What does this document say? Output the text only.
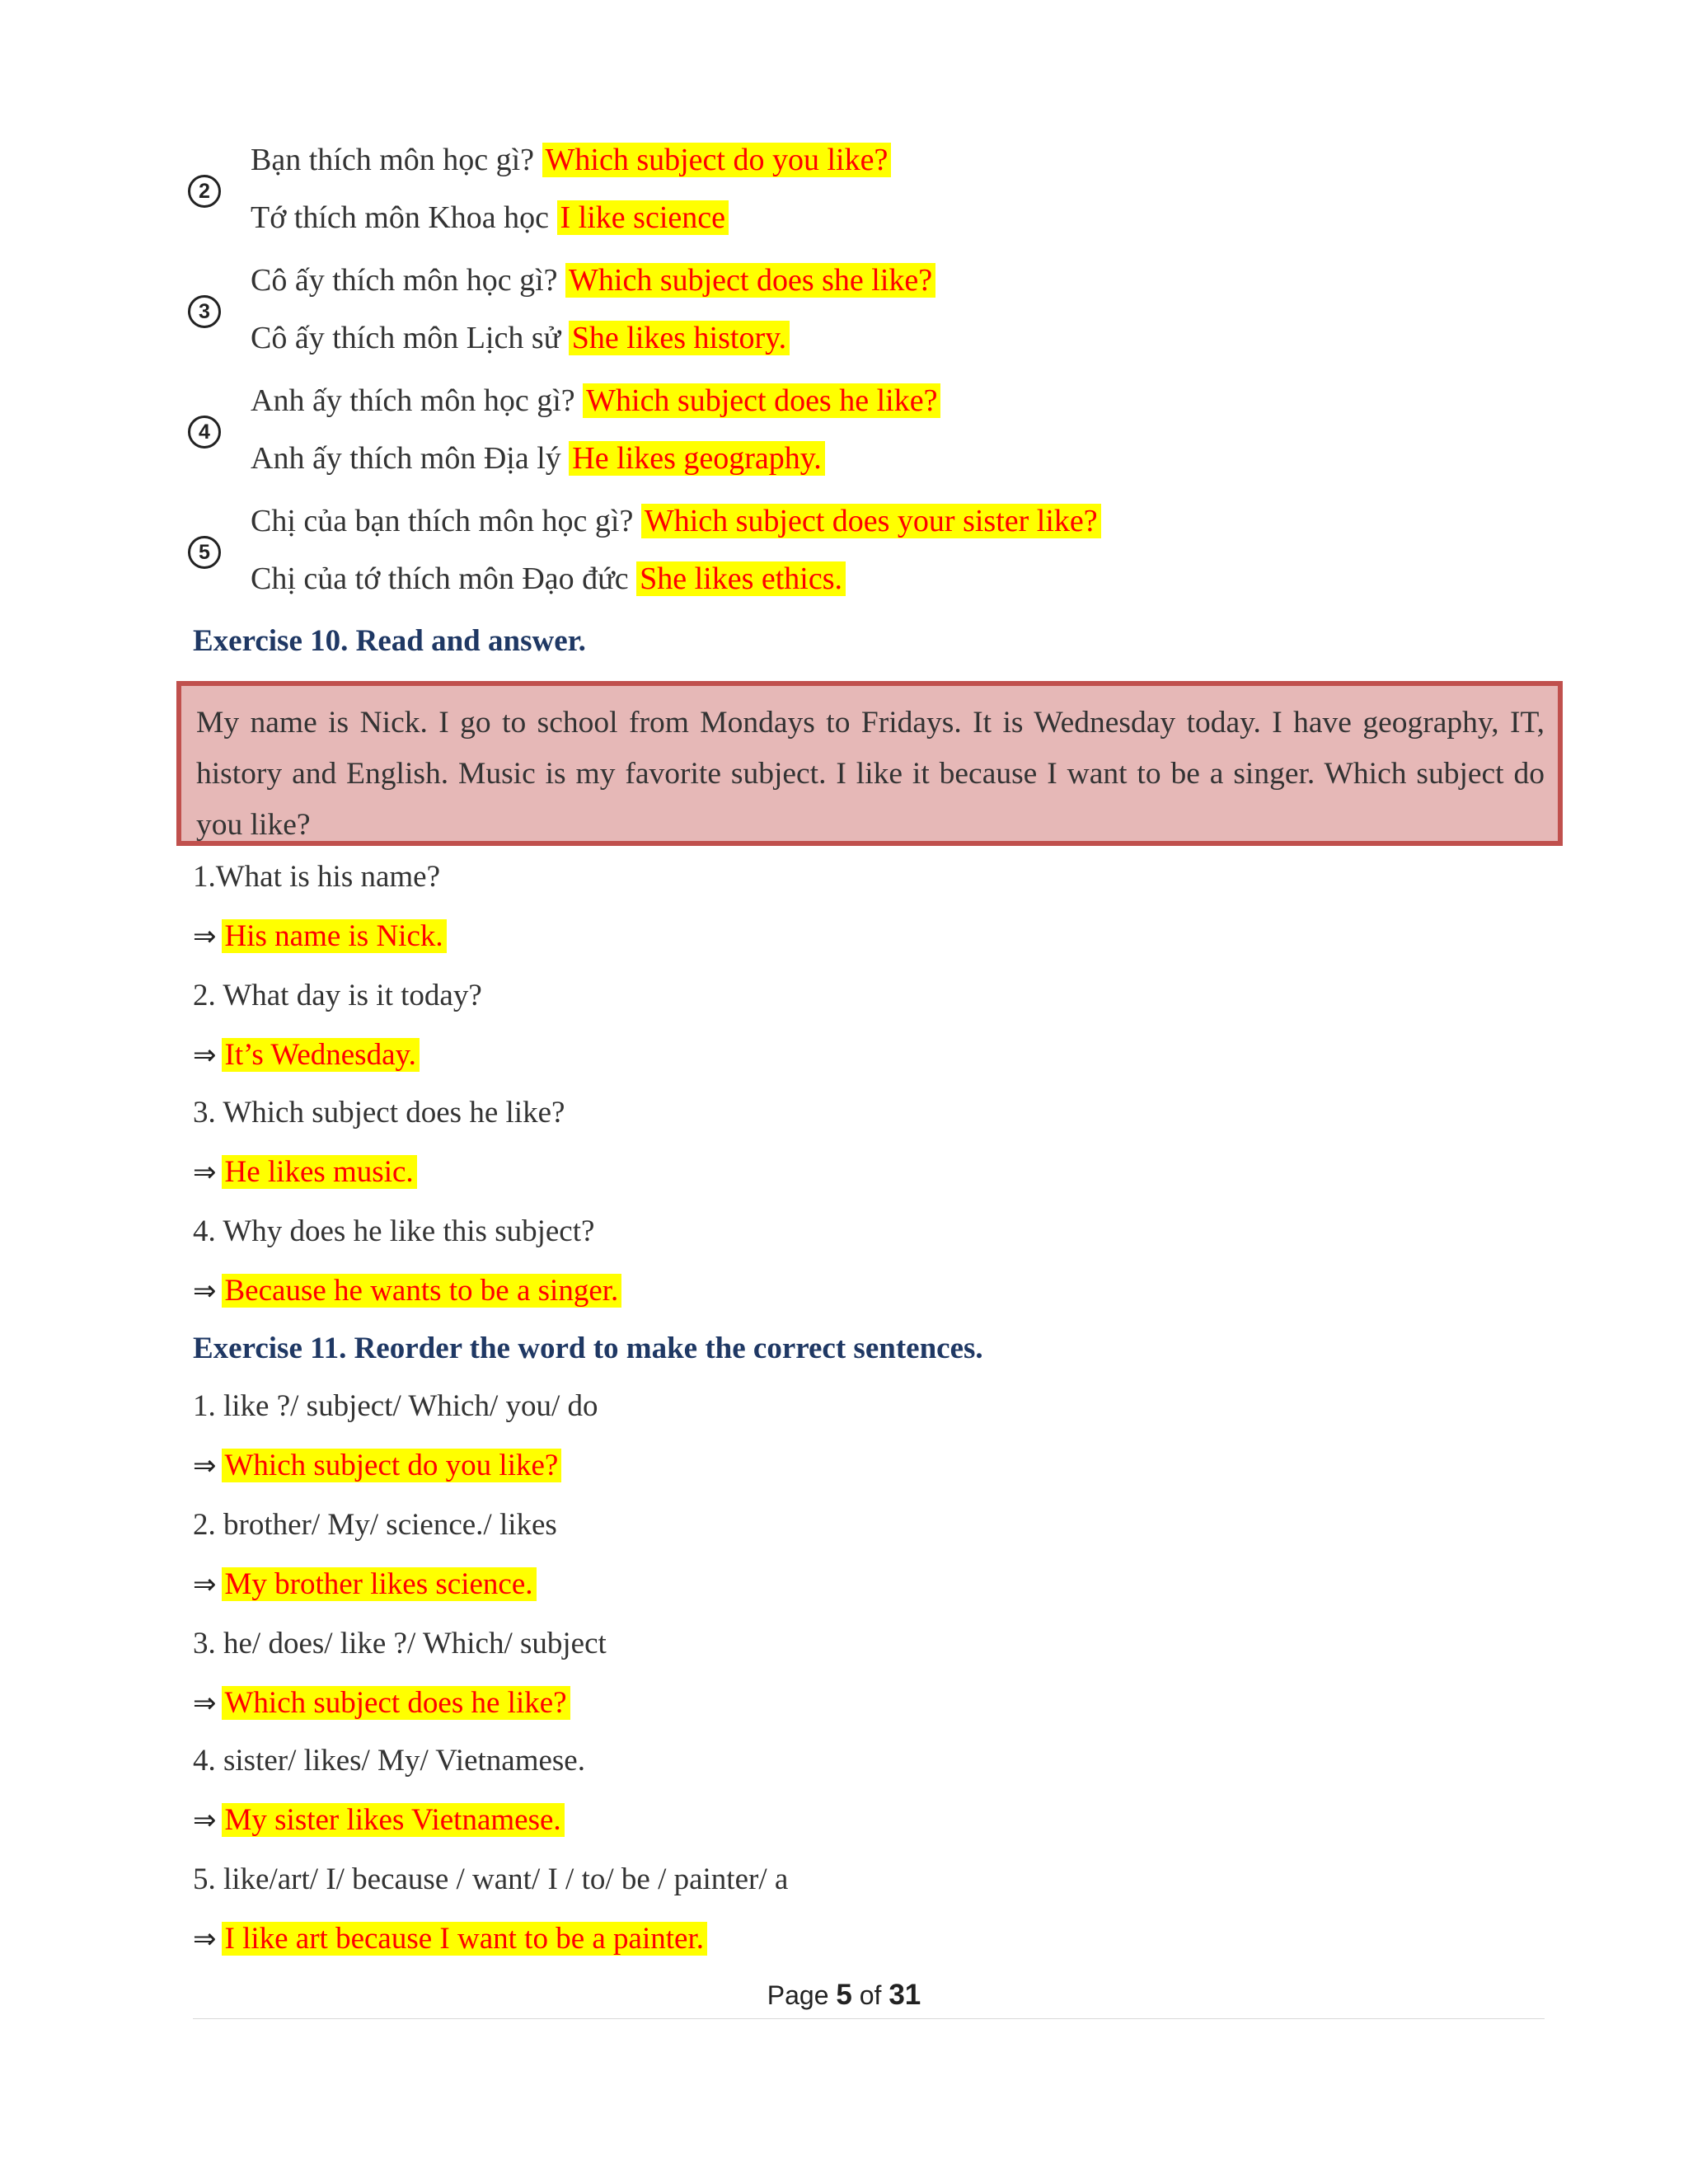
2
Bạn thích môn học gì? Which subject do you like?
Tớ thích môn Khoa học I like science
3
Cô ấy thích môn học gì? Which subject does she like?
Cô ấy thích môn Lịch sử She likes history.
4
Anh ấy thích môn học gì? Which subject does he like?
Anh ấy thích môn Địa lý He likes geography.
5
Chị của bạn thích môn học gì? Which subject does your sister like?
Chị của tớ thích môn Đạo đức She likes ethics.
Exercise 10. Read and answer.
My name is Nick. I go to school from Mondays to Fridays. It is Wednesday today. I have geography, IT, history and English. Music is my favorite subject. I like it because I want to be a singer. Which subject do you like?
1.What is his name?
⇒ His name is Nick.
2. What day is it today?
⇒ It’s Wednesday.
3. Which subject does he like?
⇒ He likes music.
4. Why does he like this subject?
⇒ Because he wants to be a singer.
Exercise 11. Reorder the word to make the correct sentences.
1. like ?/ subject/ Which/ you/ do
⇒ Which subject do you like?
2. brother/ My/ science./ likes
⇒ My brother likes science.
3. he/ does/ like ?/ Which/ subject
⇒ Which subject does he like?
4. sister/ likes/ My/ Vietnamese.
⇒ My sister likes Vietnamese.
5. like/art/ I/ because / want/ I / to/ be / painter/ a
⇒ I like art because I want to be a painter.
Page 5 of 31
